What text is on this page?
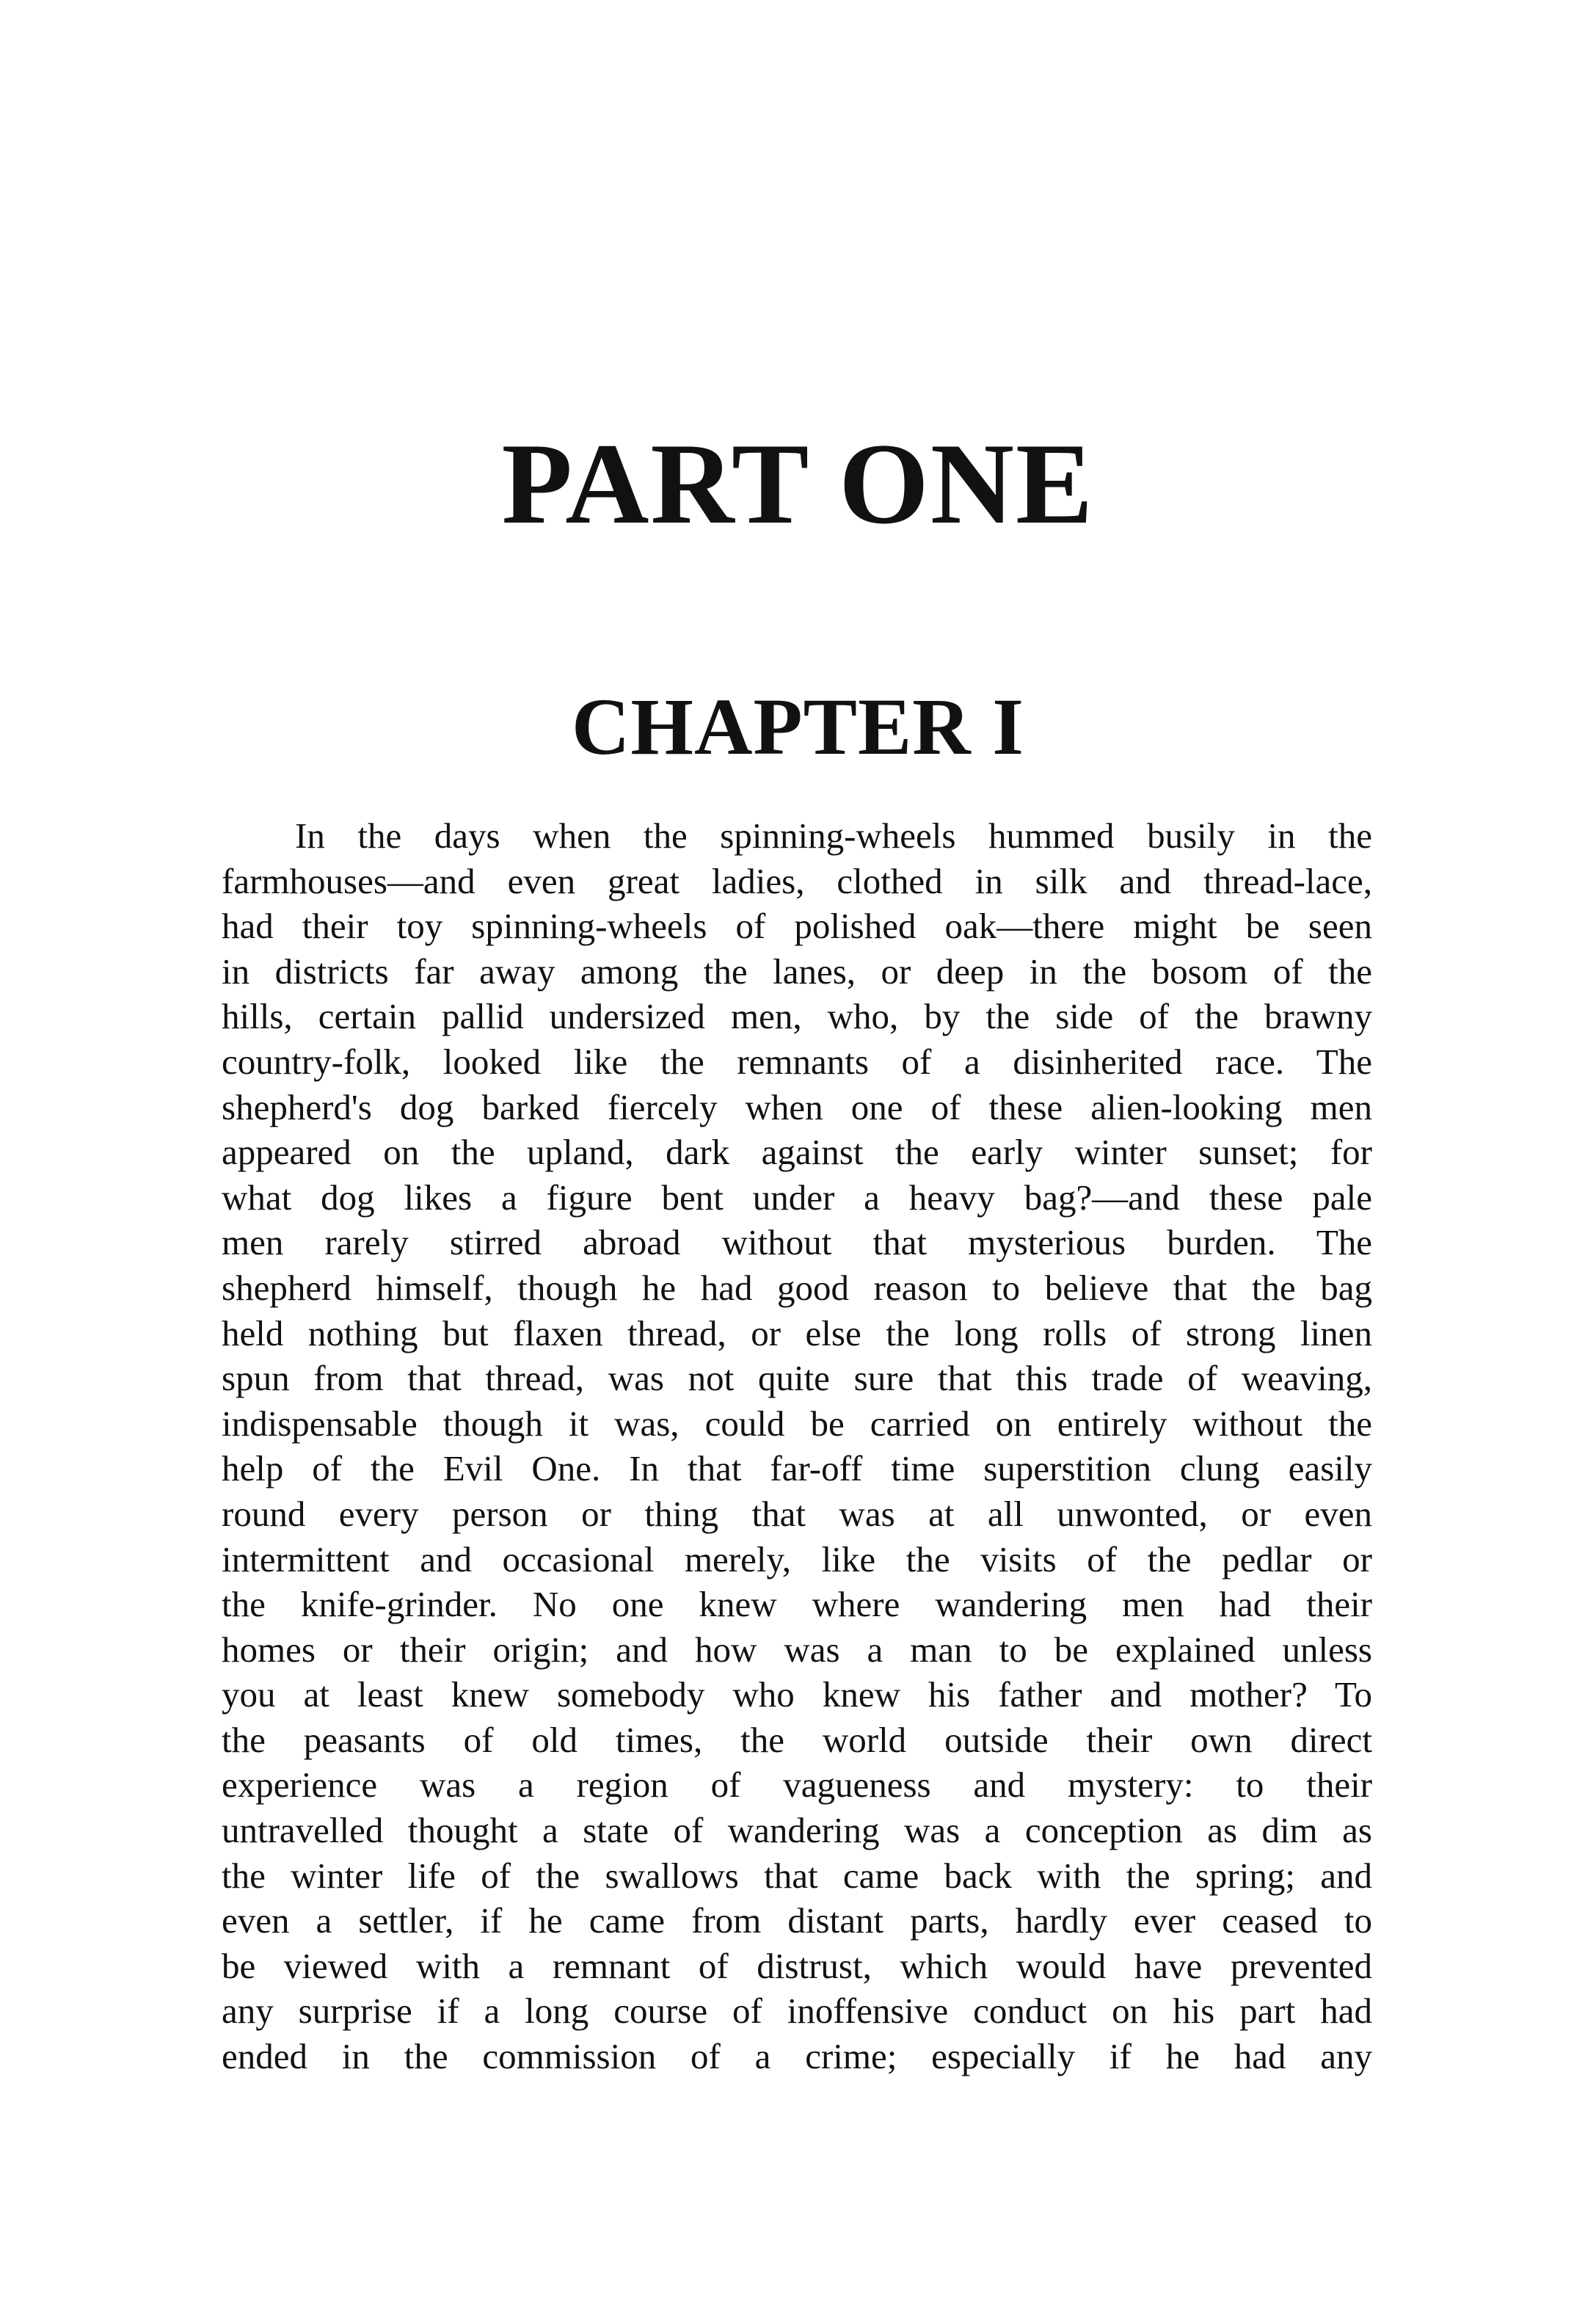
PART ONE
CHAPTER I
In the days when the spinning-wheels hummed busily in the
farmhouses—and even great ladies, clothed in silk and thread-lace,
had their toy spinning-wheels of polished oak—there might be seen
in districts far away among the lanes, or deep in the bosom of the
hills, certain pallid undersized men, who, by the side of the brawny
country-folk, looked like the remnants of a disinherited race. The
shepherd's dog barked fiercely when one of these alien-looking men
appeared on the upland, dark against the early winter sunset; for
what dog likes a figure bent under a heavy bag?—and these pale
men rarely stirred abroad without that mysterious burden. The
shepherd himself, though he had good reason to believe that the bag
held nothing but flaxen thread, or else the long rolls of strong linen
spun from that thread, was not quite sure that this trade of weaving,
indispensable though it was, could be carried on entirely without the
help of the Evil One. In that far-off time superstition clung easily
round every person or thing that was at all unwonted, or even
intermittent and occasional merely, like the visits of the pedlar or
the knife-grinder. No one knew where wandering men had their
homes or their origin; and how was a man to be explained unless
you at least knew somebody who knew his father and mother? To
the peasants of old times, the world outside their own direct
experience was a region of vagueness and mystery: to their
untravelled thought a state of wandering was a conception as dim as
the winter life of the swallows that came back with the spring; and
even a settler, if he came from distant parts, hardly ever ceased to
be viewed with a remnant of distrust, which would have prevented
any surprise if a long course of inoffensive conduct on his part had
ended in the commission of a crime; especially if he had any
